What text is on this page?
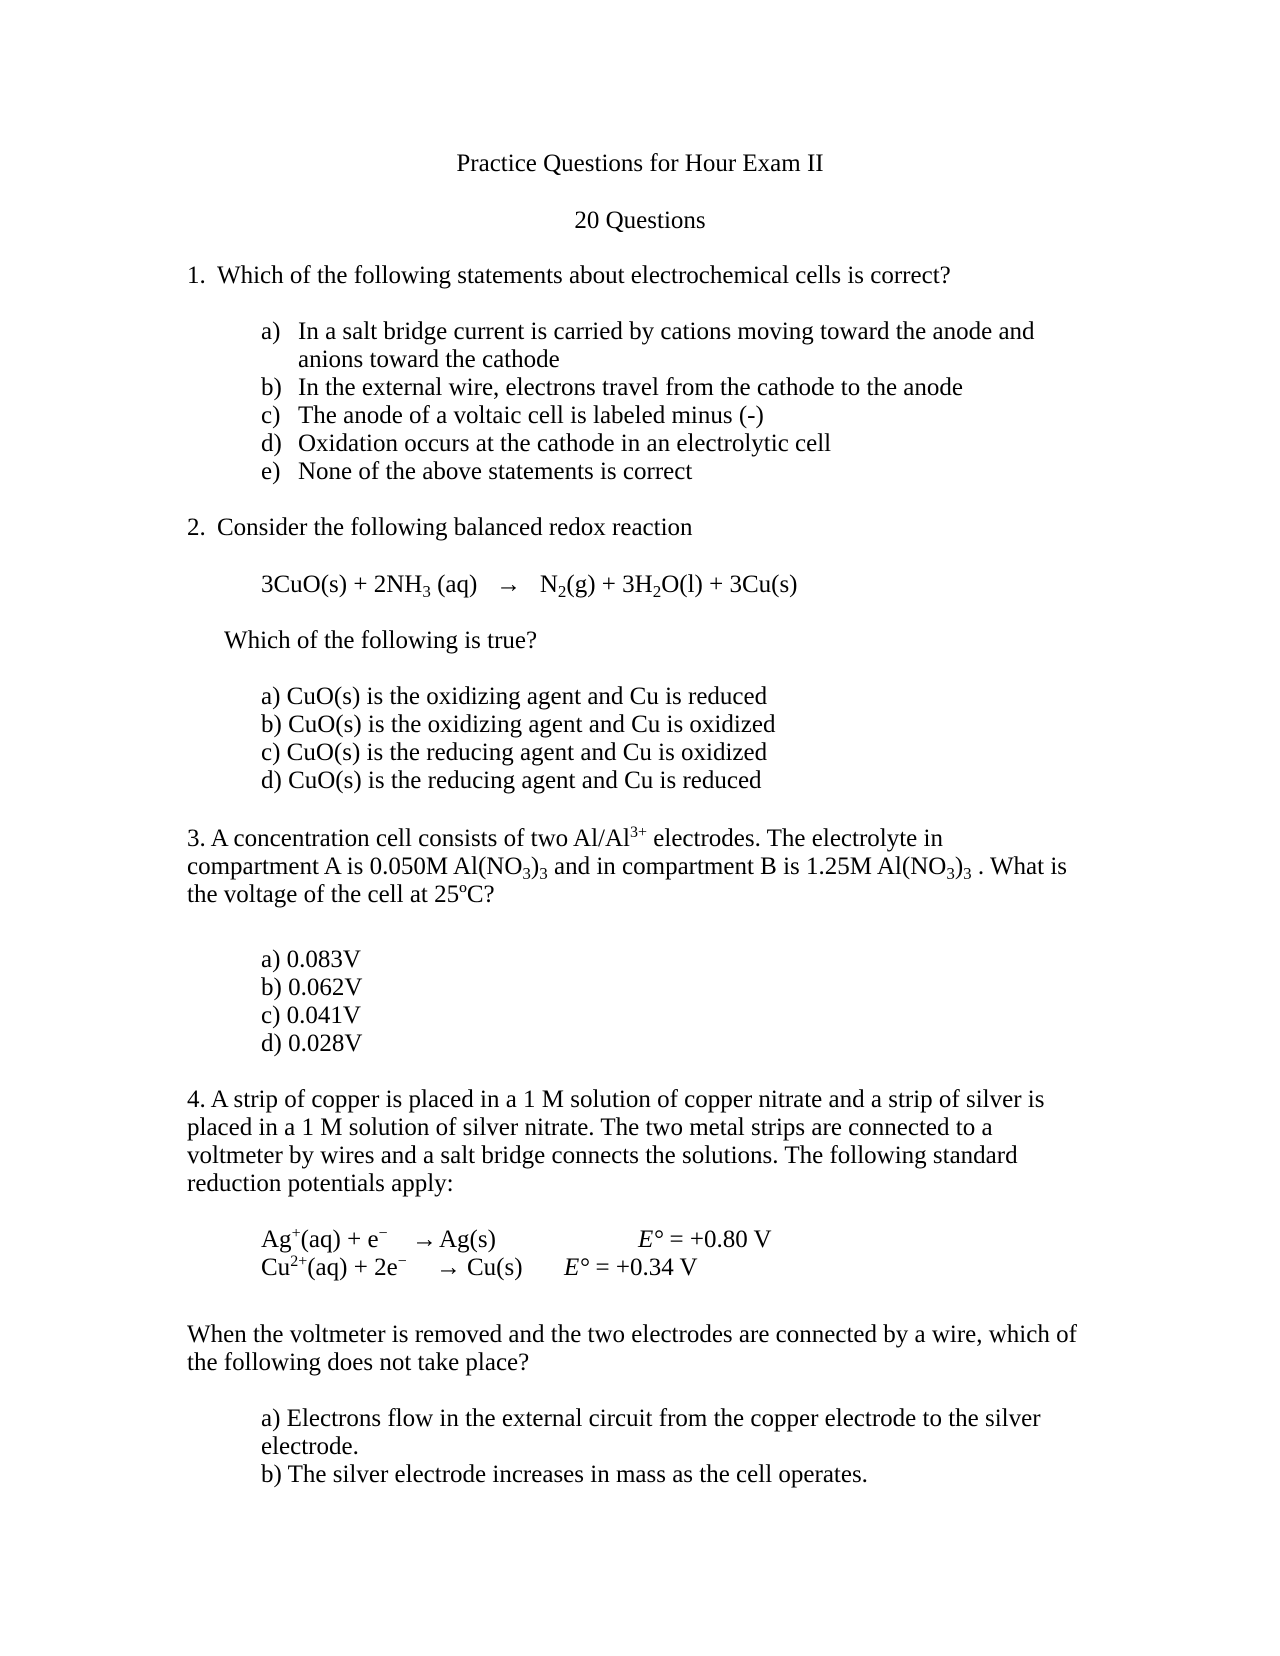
Practice Questions for Hour Exam II
20 Questions
1. Which of the following statements about electrochemical cells is correct?
a) In a salt bridge current is carried by cations moving toward the anode and
anions toward the cathode
b) In the external wire, electrons travel from the cathode to the anode
c) The anode of a voltaic cell is labeled minus (-)
d) Oxidation occurs at the cathode in an electrolytic cell
e) None of the above statements is correct
2. Consider the following balanced redox reaction
$3CuO(s) + 2NH_3$ $(aq) \to N_2(g) + 3H_2O(l) + 3Cu(s)$
Which of the following is true?
a) CuO(s) is the oxidizing agent and Cu is reduced
b) CuO(s) is the oxidizing agent and Cu is oxidized
c) CuO(s) is the reducing agent and Cu is oxidized
d) CuO(s) is the reducing agent and Cu is reduced
3. A concentration cell consists of two $Al/Al^{3+}$ electrodes. The electrolyte in
compartment A is 0.050M $Al(NO_3)_3$ and in compartment B is 1.25M $Al(NO_3)_3$ . What is
the voltage of the cell at 25ºC?
a) 0.083V
b) 0.062V
c) 0.041V
d) 0.028V
4. A strip of copper is placed in a 1 M solution of copper nitrate and a strip of silver is
placed in a 1 M solution of silver nitrate. The two metal strips are connected to a
voltmeter by wires and a salt bridge connects the solutions. The following standard
reduction potentials apply:
Ag+(aq) + e− → Ag(s)	E° = +0.80 V
$Cu^{2+}(aq) + 2e^- \to Cu(s) E^\circ = +0.34$ V
When the voltmeter is removed and the two electrodes are connected by a wire, which of
the following does not take place?
a) Electrons flow in the external circuit from the copper electrode to the silver
electrode.
b) The silver electrode increases in mass as the cell operates.
